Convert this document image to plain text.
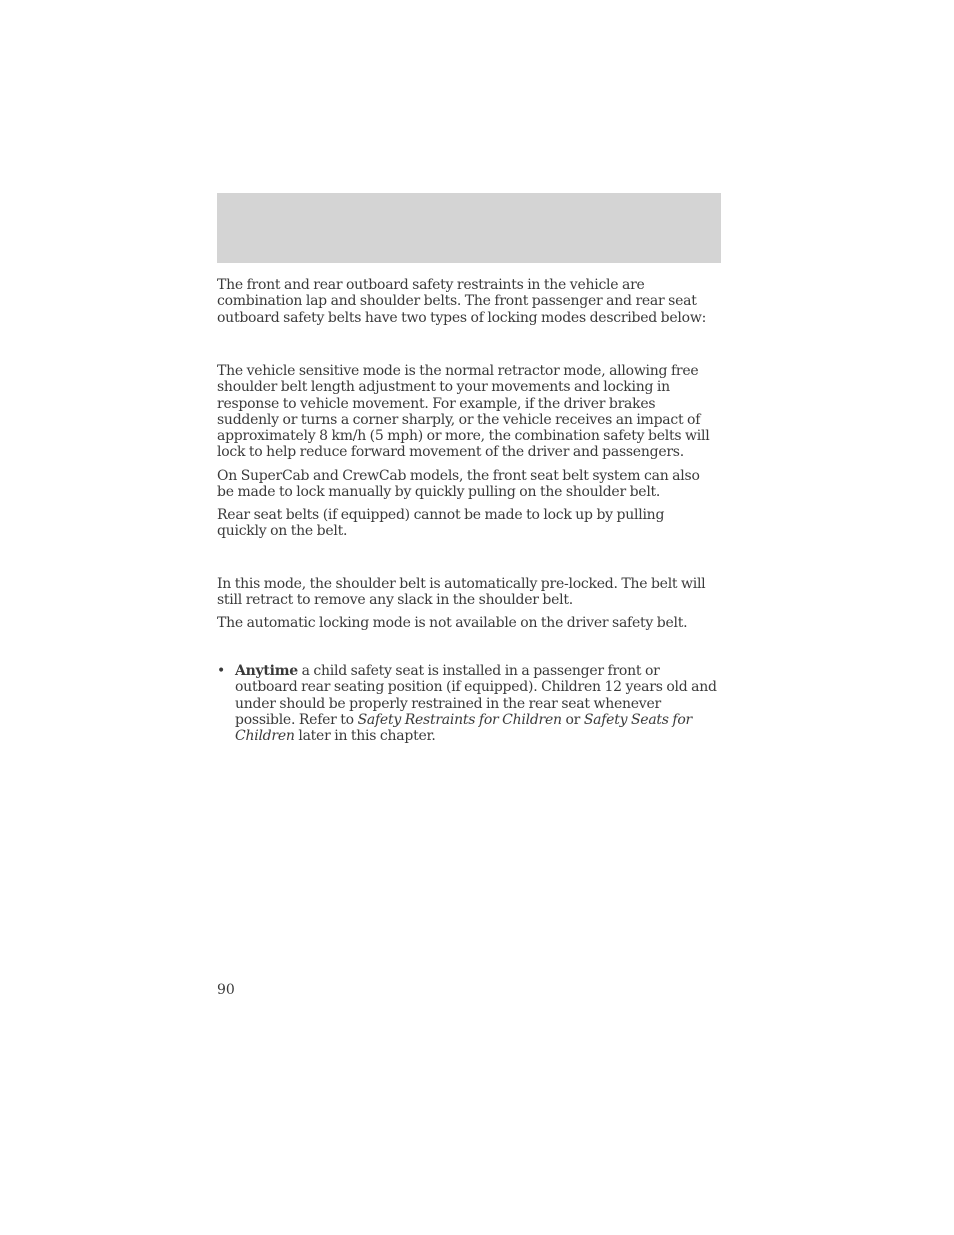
The front and rear outboard safety restraints in the vehicle are
combination lap and shoulder belts. The front passenger and rear seat
outboard safety belts have two types of locking modes described below:

The vehicle sensitive mode is the normal retractor mode, allowing free
shoulder belt length adjustment to your movements and locking in
response to vehicle movement. For example, if the driver brakes
suddenly or turns a corner sharply, or the vehicle receives an impact of
approximately 8 km/h (5 mph) or more, the combination safety belts will
lock to help reduce forward movement of the driver and passengers.

On SuperCab and CrewCab models, the front seat belt system can also
be made to lock manually by quickly pulling on the shoulder belt.

Rear seat belts (if equipped) cannot be made to lock up by pulling
quickly on the belt.

In this mode, the shoulder belt is automatically pre-locked. The belt will
still retract to remove any slack in the shoulder belt.

The automatic locking mode is not available on the driver safety belt.

• Anytime a child safety seat is installed in a passenger front or
outboard rear seating position (if equipped). Children 12 years old and
under should be properly restrained in the rear seat whenever
possible. Refer to Safety Restraints for Children or Safety Seats for
Children later in this chapter.
90
